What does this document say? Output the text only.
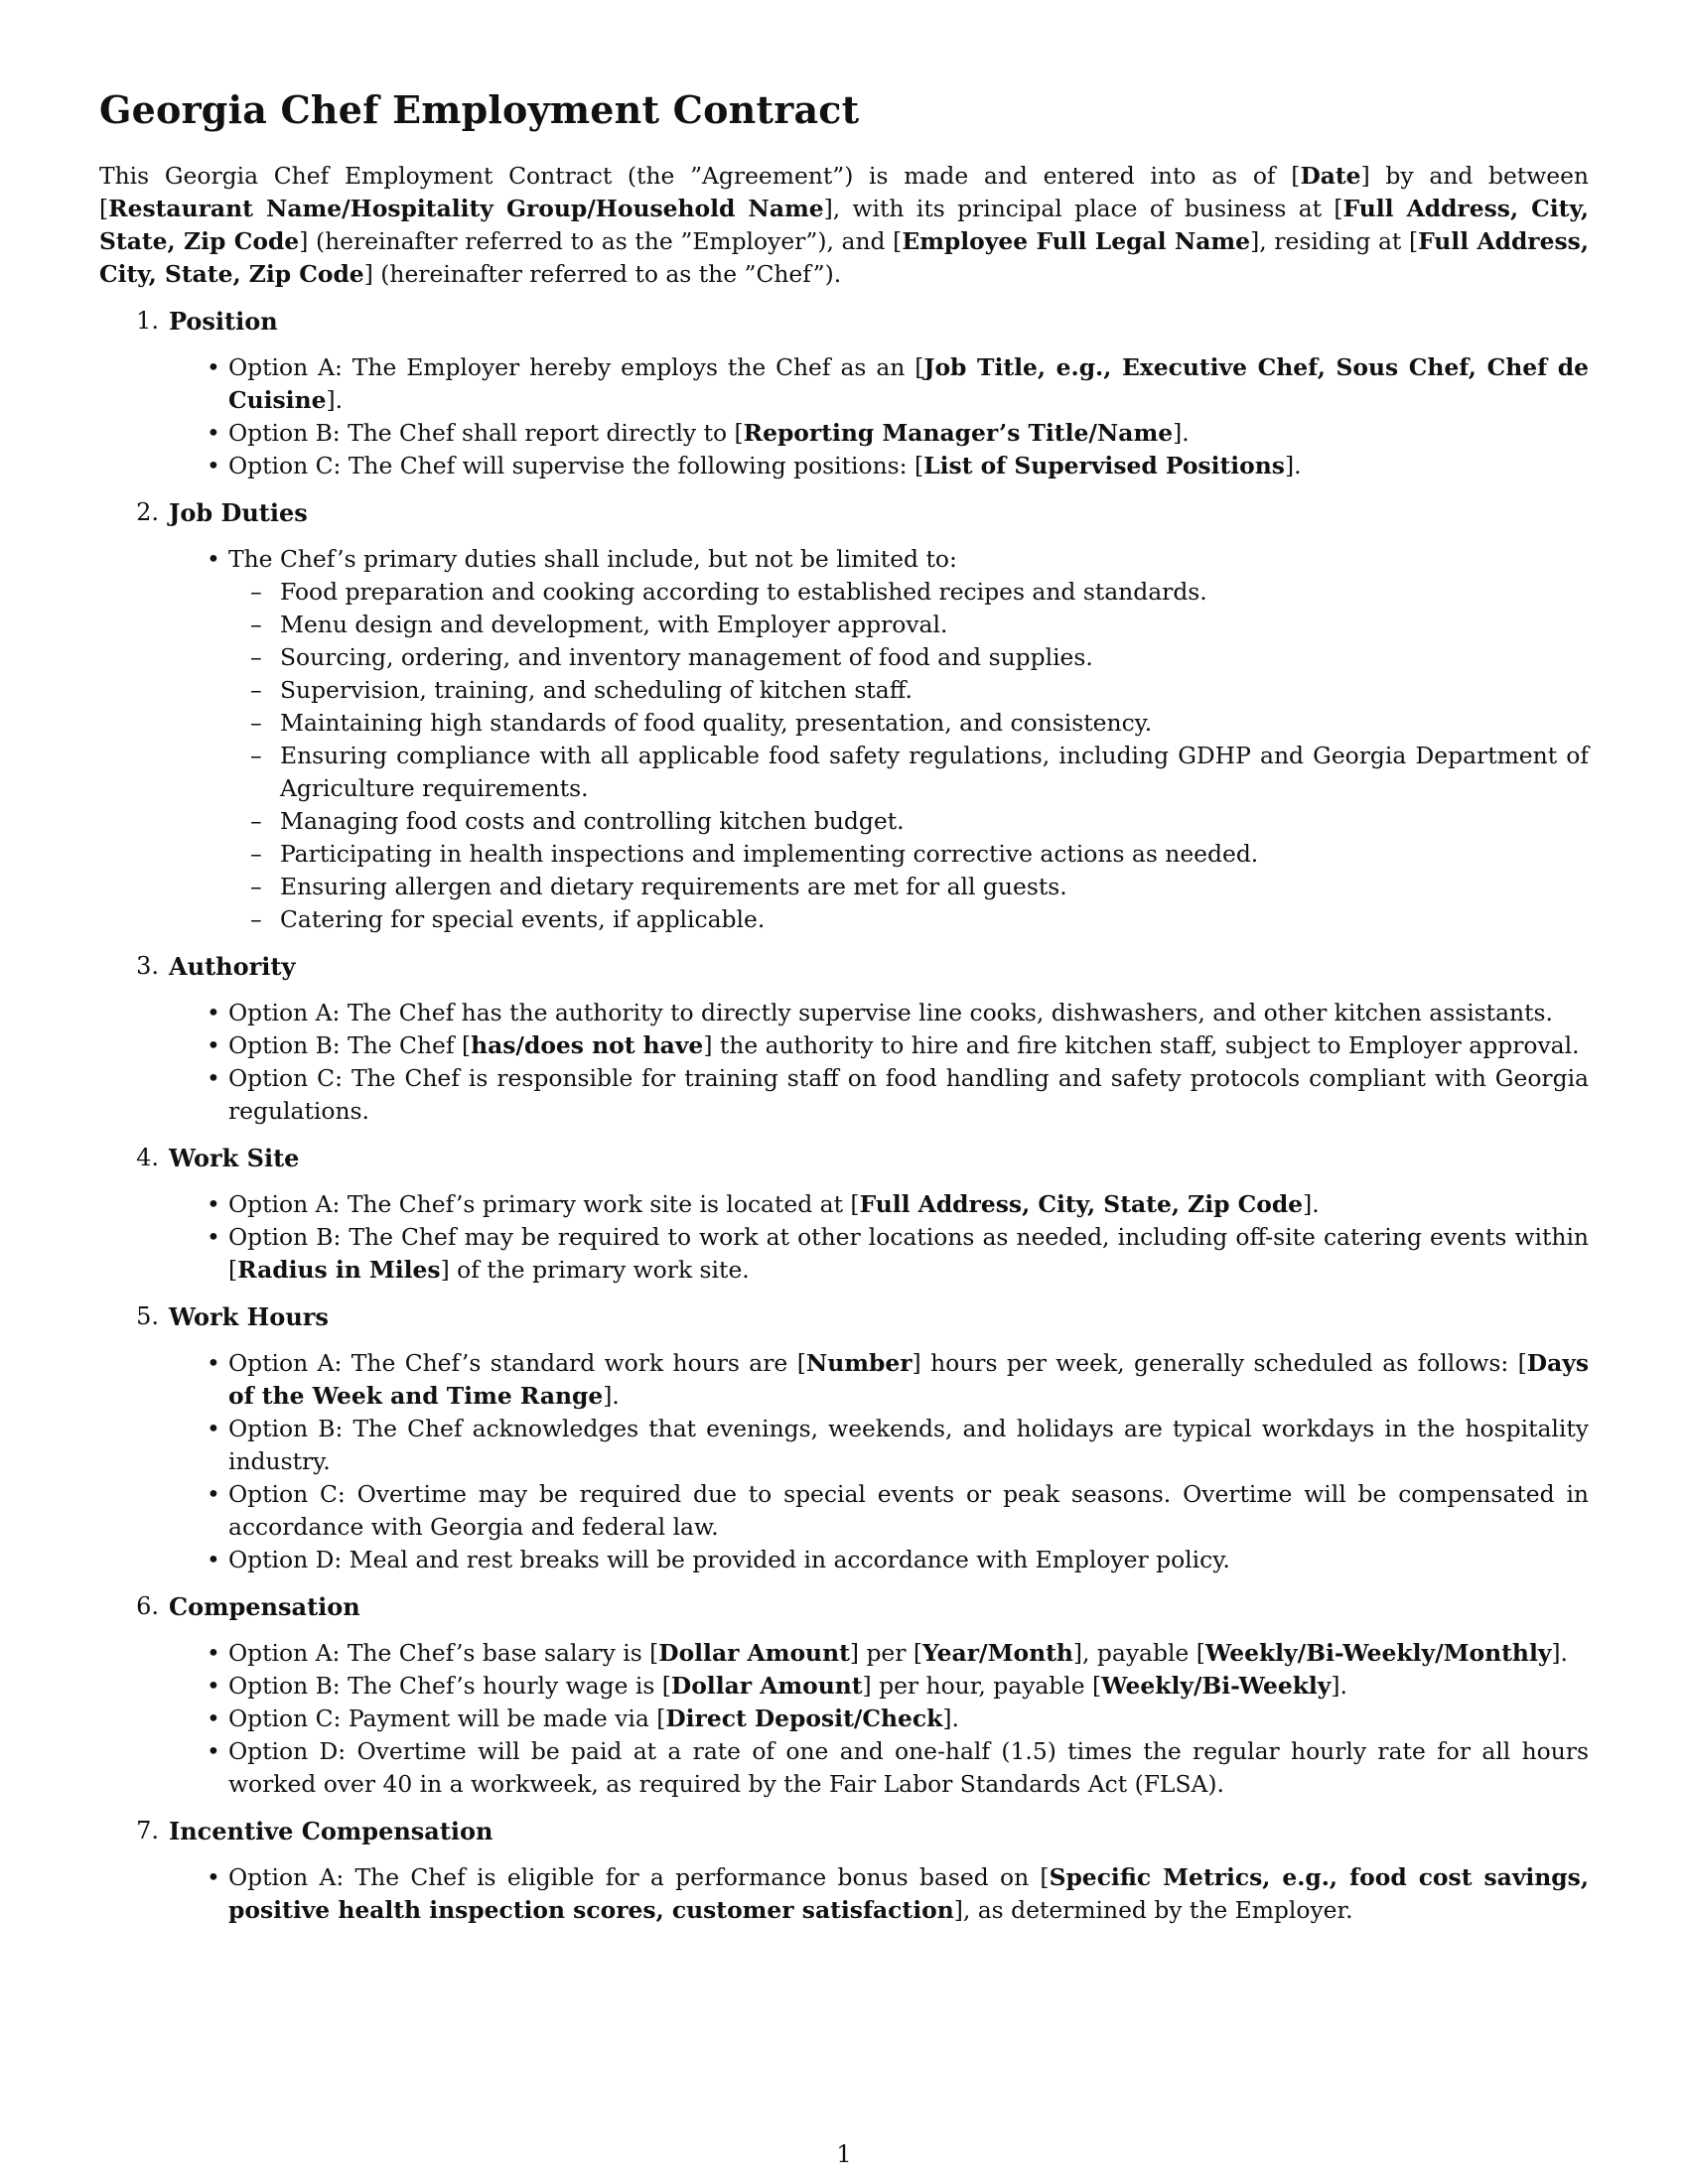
Georgia Chef Employment Contract

This Georgia Chef Employment Contract (the ”Agreement”) is made and entered into as of [Date] by and between [Restaurant Name/Hospitality Group/Household Name], with its principal place of business at [Full Address, City, State, Zip Code] (hereinafter referred to as the ”Employer”), and [Employee Full Legal Name], residing at [Full Address, City, State, Zip Code] (hereinafter referred to as the ”Chef”).

1. Position
• Option A: The Employer hereby employs the Chef as an [Job Title, e.g., Executive Chef, Sous Chef, Chef de Cuisine].
• Option B: The Chef shall report directly to [Reporting Manager’s Title/Name].
• Option C: The Chef will supervise the following positions: [List of Supervised Positions].
2. Job Duties
• The Chef’s primary duties shall include, but not be limited to:
– Food preparation and cooking according to established recipes and standards.
– Menu design and development, with Employer approval.
– Sourcing, ordering, and inventory management of food and supplies.
– Supervision, training, and scheduling of kitchen staff.
– Maintaining high standards of food quality, presentation, and consistency.
– Ensuring compliance with all applicable food safety regulations, including GDHP and Georgia Department of Agriculture requirements.
– Managing food costs and controlling kitchen budget.
– Participating in health inspections and implementing corrective actions as needed.
– Ensuring allergen and dietary requirements are met for all guests.
– Catering for special events, if applicable.
3. Authority
• Option A: The Chef has the authority to directly supervise line cooks, dishwashers, and other kitchen assistants.
• Option B: The Chef [has/does not have] the authority to hire and fire kitchen staff, subject to Employer approval.
• Option C: The Chef is responsible for training staff on food handling and safety protocols compliant with Georgia regulations.
4. Work Site
• Option A: The Chef’s primary work site is located at [Full Address, City, State, Zip Code].
• Option B: The Chef may be required to work at other locations as needed, including off-site catering events within [Radius in Miles] of the primary work site.
5. Work Hours
• Option A: The Chef’s standard work hours are [Number] hours per week, generally scheduled as follows: [Days of the Week and Time Range].
• Option B: The Chef acknowledges that evenings, weekends, and holidays are typical workdays in the hospitality industry.
• Option C: Overtime may be required due to special events or peak seasons. Overtime will be compensated in accordance with Georgia and federal law.
• Option D: Meal and rest breaks will be provided in accordance with Employer policy.
6. Compensation
• Option A: The Chef’s base salary is [Dollar Amount] per [Year/Month], payable [Weekly/Bi-Weekly/Monthly].
• Option B: The Chef’s hourly wage is [Dollar Amount] per hour, payable [Weekly/Bi-Weekly].
• Option C: Payment will be made via [Direct Deposit/Check].
• Option D: Overtime will be paid at a rate of one and one-half (1.5) times the regular hourly rate for all hours worked over 40 in a workweek, as required by the Fair Labor Standards Act (FLSA).
7. Incentive Compensation
• Option A: The Chef is eligible for a performance bonus based on [Specific Metrics, e.g., food cost savings, positive health inspection scores, customer satisfaction], as determined by the Employer.
1
